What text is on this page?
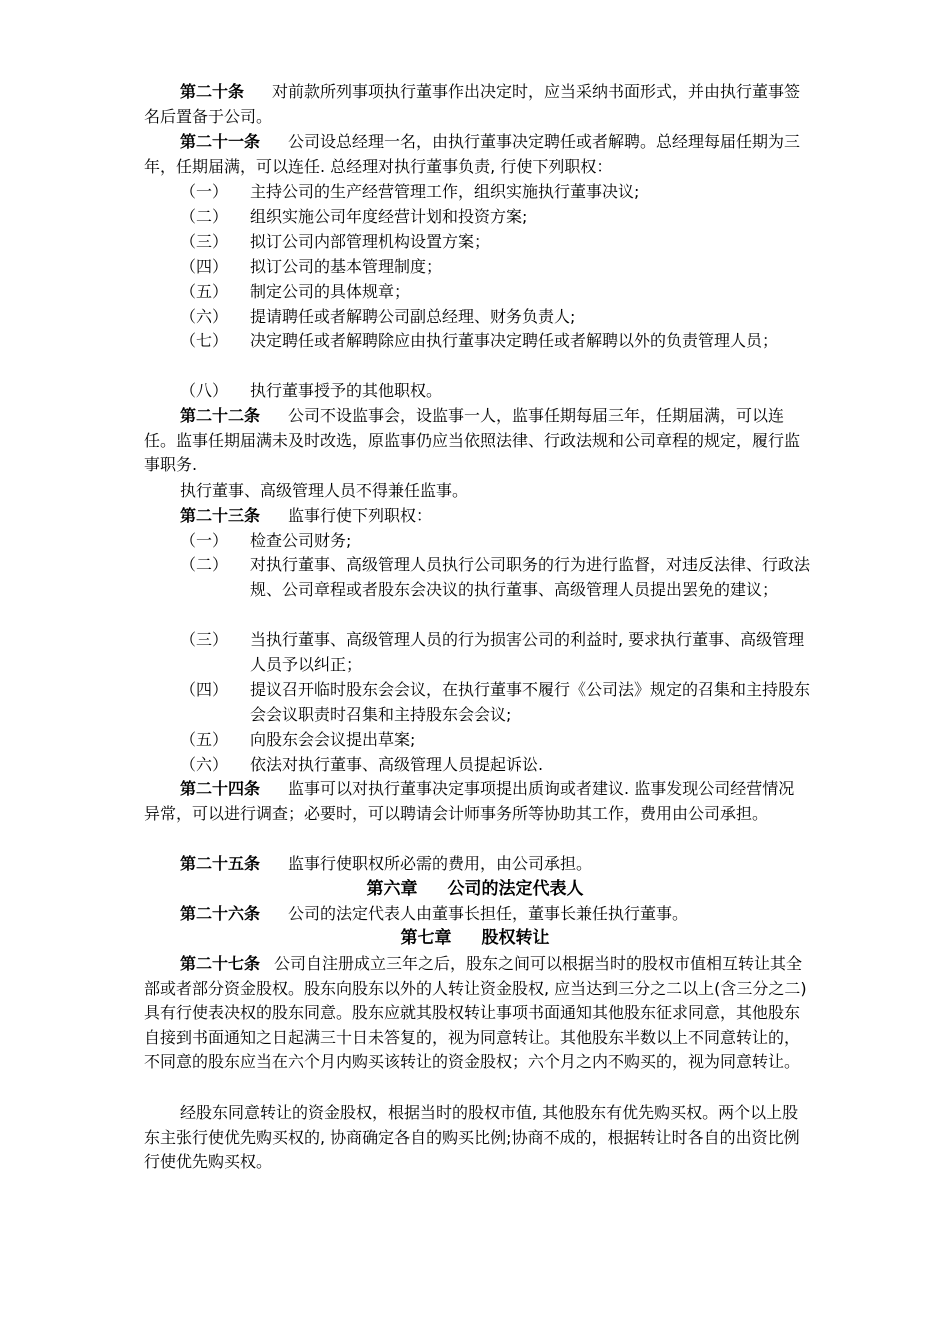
第二十条 对前款所列事项执行董事作出决定时，应当采纳书面形式，并由执行董事签名后置备于公司。

第二十一条 公司设总经理一名，由执行董事决定聘任或者解聘。总经理每届任期为三年，任期届满，可以连任. 总经理对执行董事负责, 行使下列职权：

（一）	主持公司的生产经营管理工作，组织实施执行董事决议;
（二）	组织实施公司年度经营计划和投资方案;
（三）	拟订公司内部管理机构设置方案；
（四）	拟订公司的基本管理制度；
（五）	制定公司的具体规章；
（六）	提请聘任或者解聘公司副总经理、财务负责人;
（七）	决定聘任或者解聘除应由执行董事决定聘任或者解聘以外的负责管理人员；
（八）	执行董事授予的其他职权。

第二十二条 公司不设监事会，设监事一人，监事任期每届三年，任期届满，可以连任。监事任期届满未及时改选，原监事仍应当依照法律、行政法规和公司章程的规定，履行监事职务.

执行董事、高级管理人员不得兼任监事。

第二十三条 监事行使下列职权：

（一）	检查公司财务;
（二）	对执行董事、高级管理人员执行公司职务的行为进行监督，对违反法律、行政法规、公司章程或者股东会决议的执行董事、高级管理人员提出罢免的建议；
（三）	当执行董事、高级管理人员的行为损害公司的利益时, 要求执行董事、高级管理人员予以纠正；
（四）	提议召开临时股东会会议，在执行董事不履行《公司法》规定的召集和主持股东会会议职责时召集和主持股东会会议;
（五）	向股东会会议提出草案;
（六）	依法对执行董事、高级管理人员提起诉讼.

第二十四条 监事可以对执行董事决定事项提出质询或者建议. 监事发现公司经营情况异常，可以进行调查；必要时，可以聘请会计师事务所等协助其工作，费用由公司承担。

第二十五条 监事行使职权所必需的费用，由公司承担。

第六章 公司的法定代表人

第二十六条 公司的法定代表人由董事长担任，董事长兼任执行董事。

第七章 股权转让

第二十七条 公司自注册成立三年之后，股东之间可以根据当时的股权市值相互转让其全部或者部分资金股权。股东向股东以外的人转让资金股权, 应当达到三分之二以上(含三分之二)具有行使表决权的股东同意。股东应就其股权转让事项书面通知其他股东征求同意，其他股东自接到书面通知之日起满三十日未答复的，视为同意转让。其他股东半数以上不同意转让的，不同意的股东应当在六个月内购买该转让的资金股权；六个月之内不购买的，视为同意转让。

经股东同意转让的资金股权，根据当时的股权市值, 其他股东有优先购买权。两个以上股东主张行使优先购买权的, 协商确定各自的购买比例;协商不成的，根据转让时各自的出资比例行使优先购买权。
